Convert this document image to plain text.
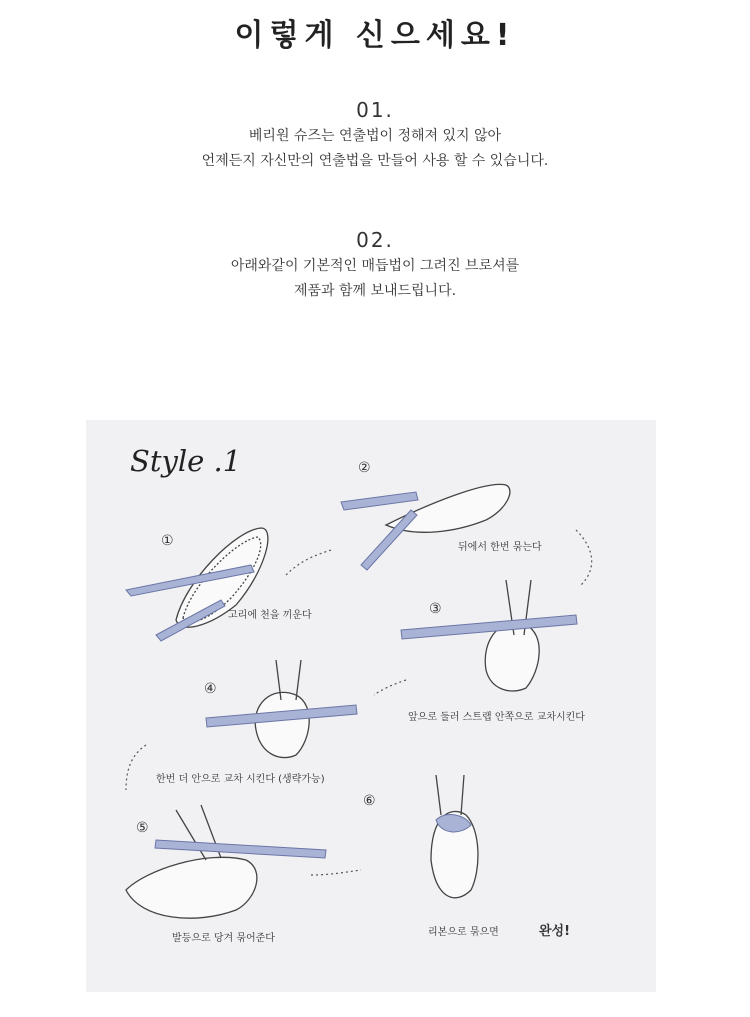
이렇게 신으세요!
01.
베리원 슈즈는 연출법이 정해져 있지 않아
언제든지 자신만의 연출법을 만들어 사용 할 수 있습니다.
02.
아래와같이 기본적인 매듭법이 그려진 브로셔를
제품과 함께 보내드립니다.
①
②
③
④
⑤
⑥
Style .1
고리에 천을 끼운다
뒤에서 한번 묶는다
앞으로 둘러 스트랩 안쪽으로 교차시킨다
한번 더 안으로 교차 시킨다 (생략가능)
발등으로 당겨 묶어준다
리본으로 묶으면	완성!
